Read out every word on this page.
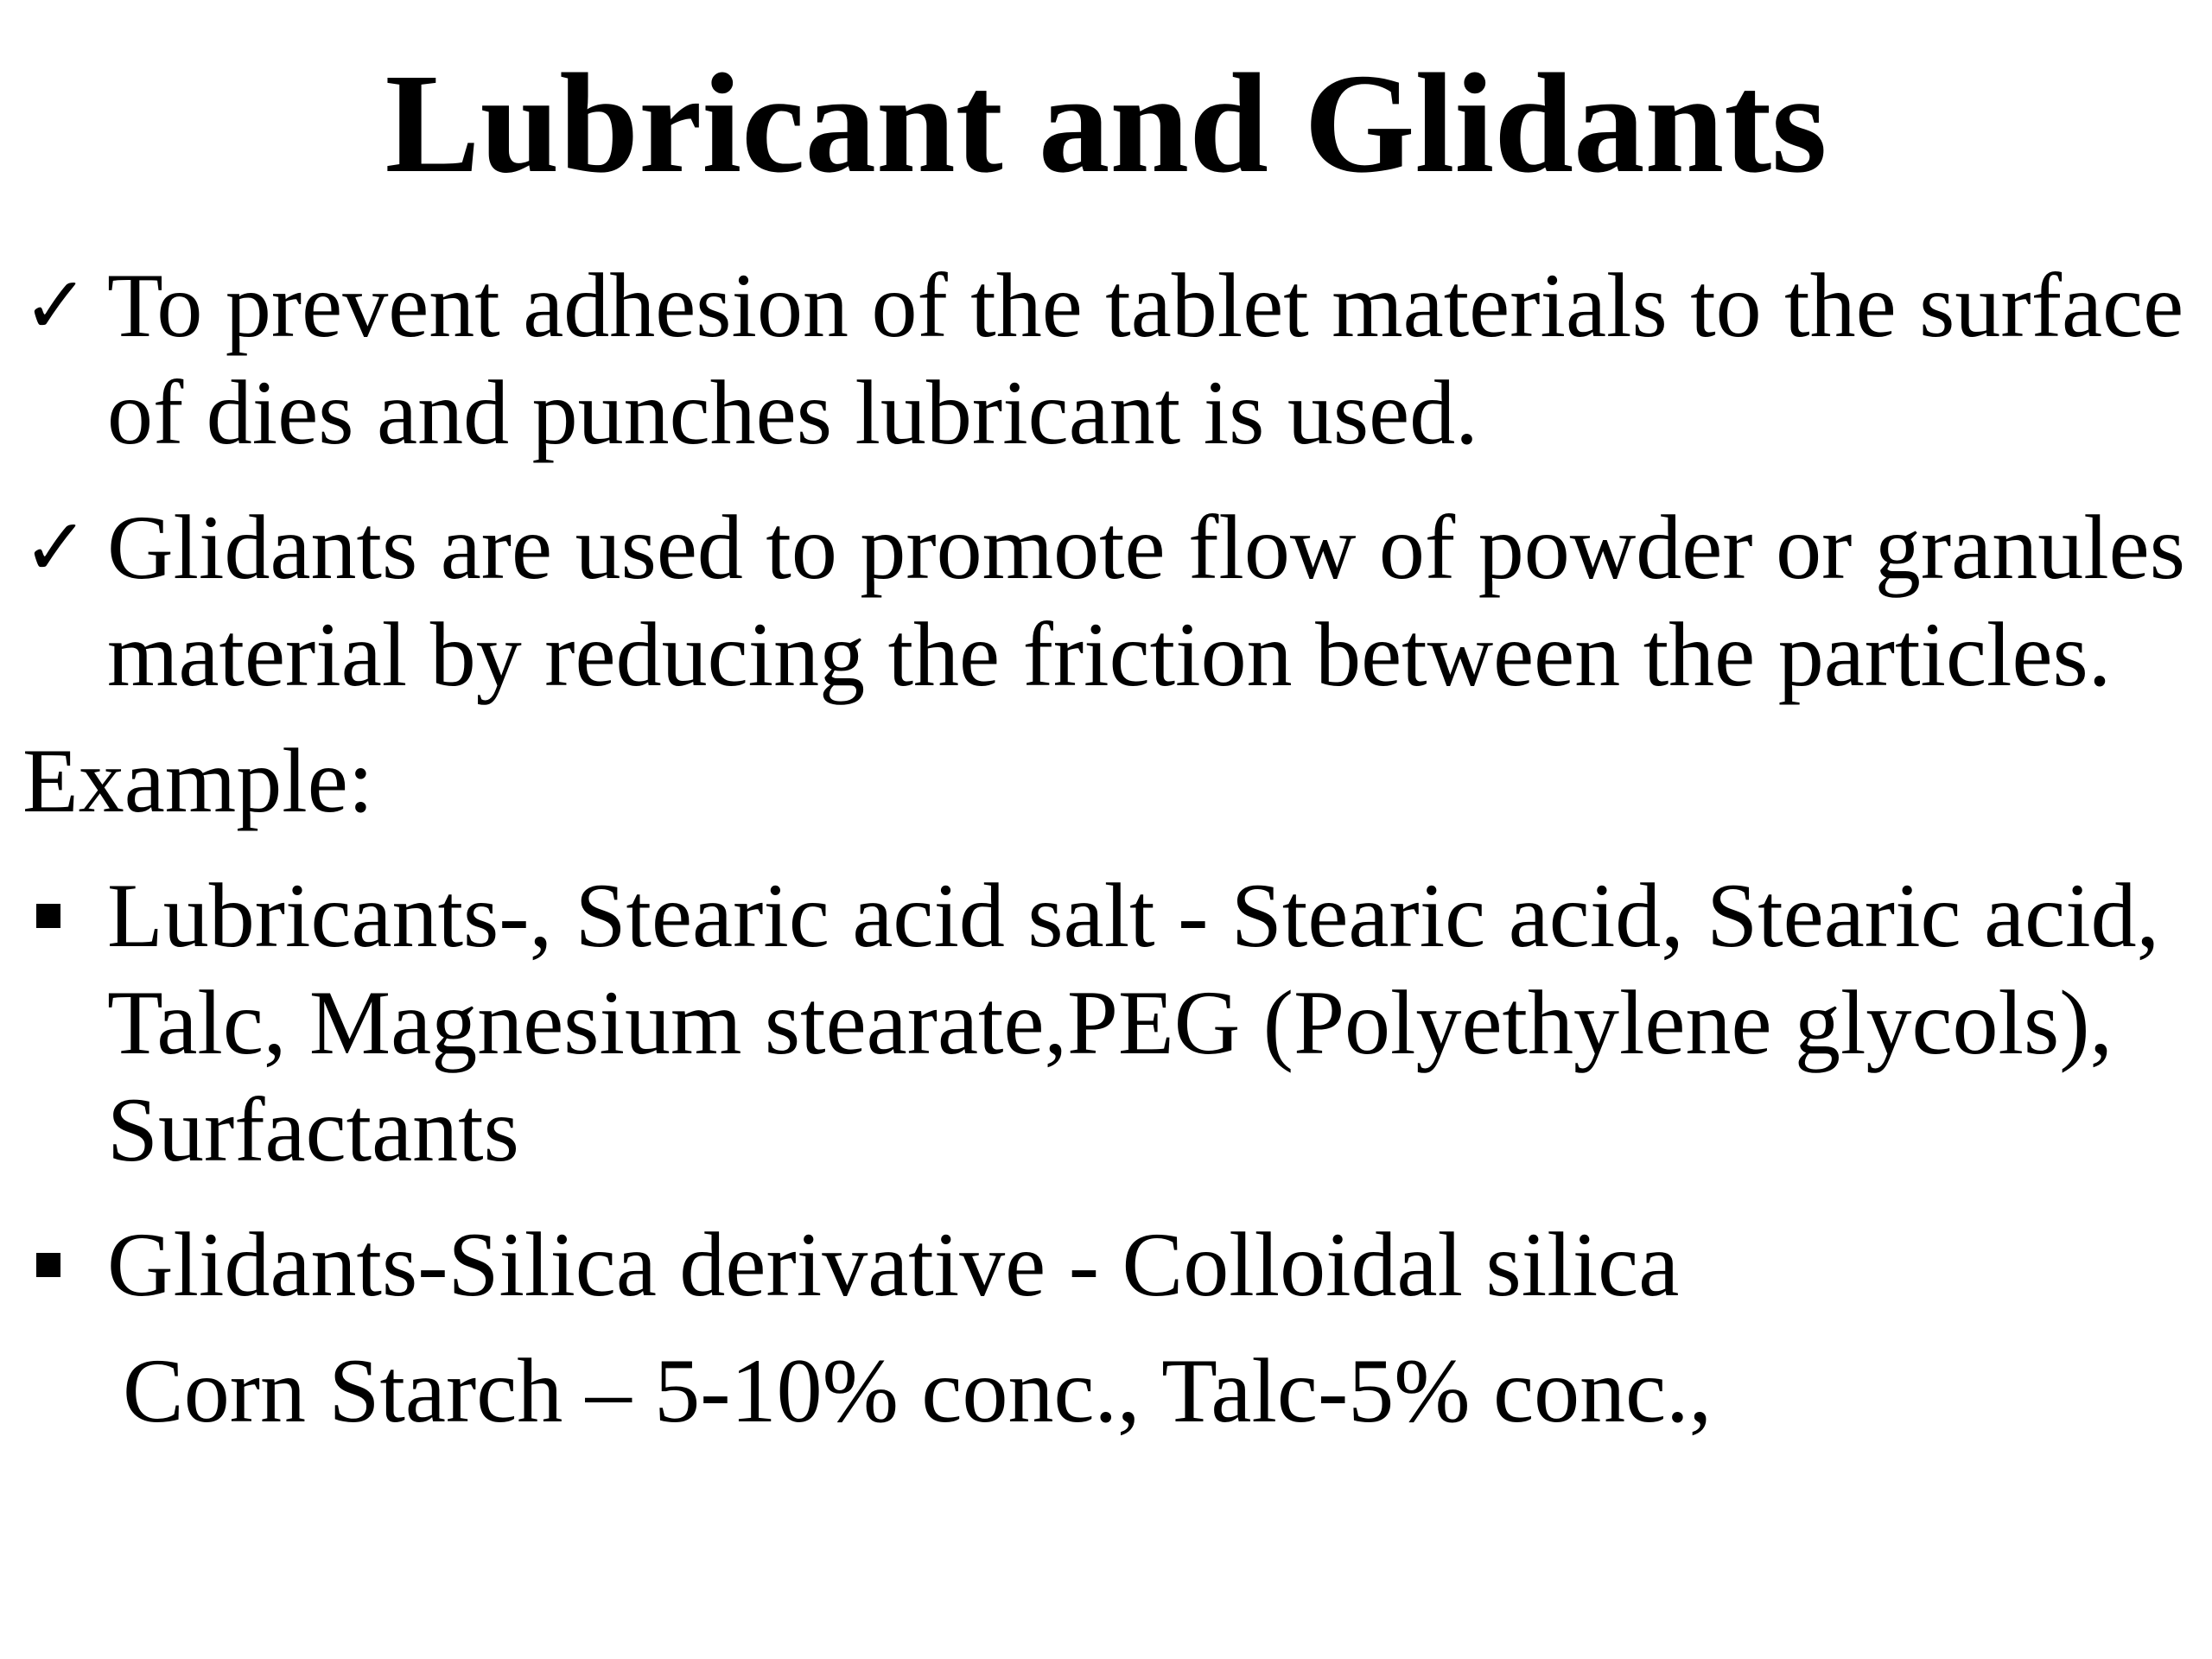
Lubricant and Glidants

✓ To prevent adhesion of the tablet materials to the surface of dies and punches lubricant is used.

✓ Glidants are used to promote flow of powder or granules material by reducing the friction between the particles.

Example:

Lubricants-, Stearic acid salt - Stearic acid, Stearic acid, Talc, Magnesium stearate,PEG (Polyethylene glycols), Surfactants

Glidants-Silica derivative - Colloidal silica

Corn Starch – 5-10% conc., Talc-5% conc.,
